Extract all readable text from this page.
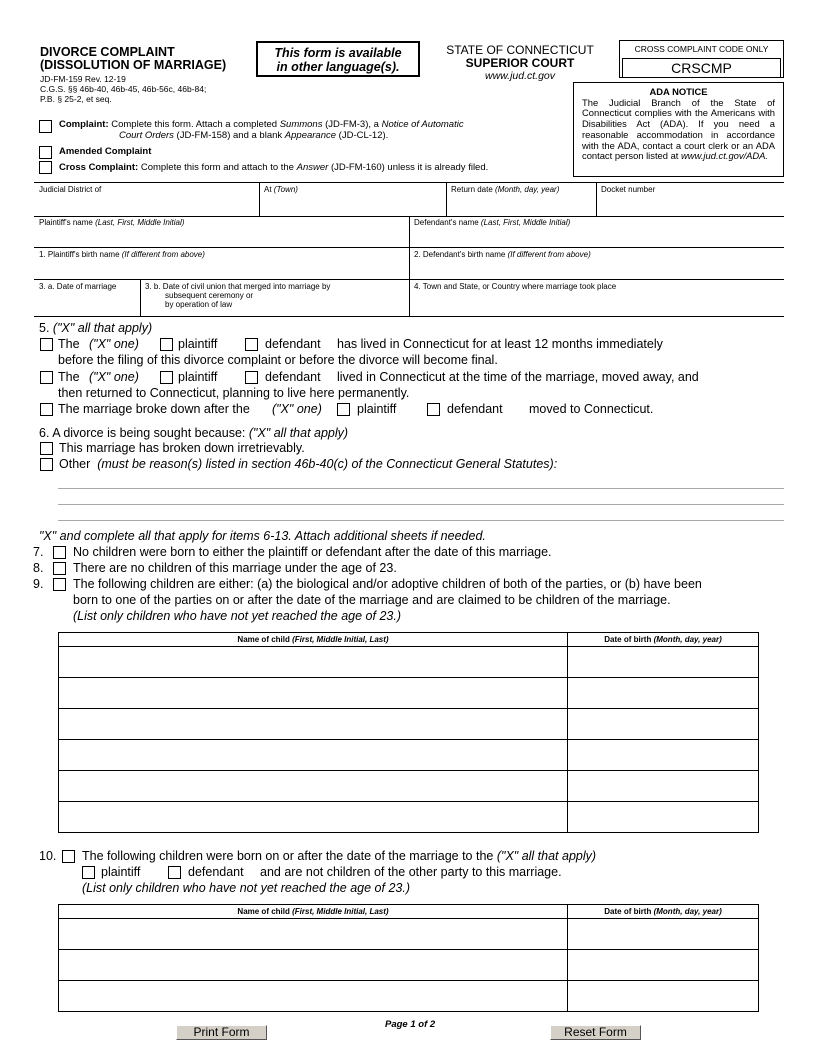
DIVORCE COMPLAINT
(DISSOLUTION OF MARRIAGE)
JD-FM-159 Rev. 12-19
C.G.S. §§ 46b-40, 46b-45, 46b-56c, 46b-84;
P.B. § 25-2, et seq.
This form is available
in other language(s).
STATE OF CONNECTICUT
SUPERIOR COURT
www.jud.ct.gov
CROSS COMPLAINT CODE ONLY
CRSCMP
ADA NOTICE
The Judicial Branch of the State of Connecticut complies with the Americans with Disabilities Act (ADA). If you need a reasonable accommodation in accordance with the ADA, contact a court clerk or an ADA contact person listed at www.jud.ct.gov/ADA.
Complaint: Complete this form. Attach a completed Summons (JD-FM-3), a Notice of Automatic
Court Orders (JD-FM-158) and a blank Appearance (JD-CL-12).
Amended Complaint
Cross Complaint: Complete this form and attach to the Answer (JD-FM-160) unless it is already filed.
Judicial District of	At (Town)	Return date (Month, day, year)	Docket number
Plaintiff's name (Last, First, Middle Initial)	Defendant's name (Last, First, Middle Initial)
1. Plaintiff's birth name (If different from above)	2. Defendant's birth name (If different from above)
3. a. Date of marriage	3. b. Date of civil union that merged into marriage by
subsequent ceremony or
by operation of law
4. Town and State, or Country where marriage took place
5. ("X" all that apply)
The ("X" one)	plaintiff	defendant has lived in Connecticut for at least 12 months immediately
before the filing of this divorce complaint or before the divorce will become final.
The ("X" one)	plaintiff	defendant lived in Connecticut at the time of the marriage, moved away, and
then returned to Connecticut, planning to live here permanently.
The marriage broke down after the ("X" one)	plaintiff	defendant moved to Connecticut.
6. A divorce is being sought because: ("X" all that apply)
This marriage has broken down irretrievably.
Other (must be reason(s) listed in section 46b-40(c) of the Connecticut General Statutes):
"X" and complete all that apply for items 6-13. Attach additional sheets if needed.
7. No children were born to either the plaintiff or defendant after the date of this marriage.
8. There are no children of this marriage under the age of 23.
9. The following children are either: (a) the biological and/or adoptive children of both of the parties, or (b) have been
born to one of the parties on or after the date of the marriage and are claimed to be children of the marriage.
(List only children who have not yet reached the age of 23.)
Name of child (First, Middle Initial, Last)	Date of birth (Month, day, year)

10. The following children were born on or after the date of the marriage to the ("X" all that apply)
plaintiff	defendant and are not children of the other party to this marriage.
(List only children who have not yet reached the age of 23.)
Name of child (First, Middle Initial, Last)	Date of birth (Month, day, year)

Print Form
Page 1 of 2
Reset Form
